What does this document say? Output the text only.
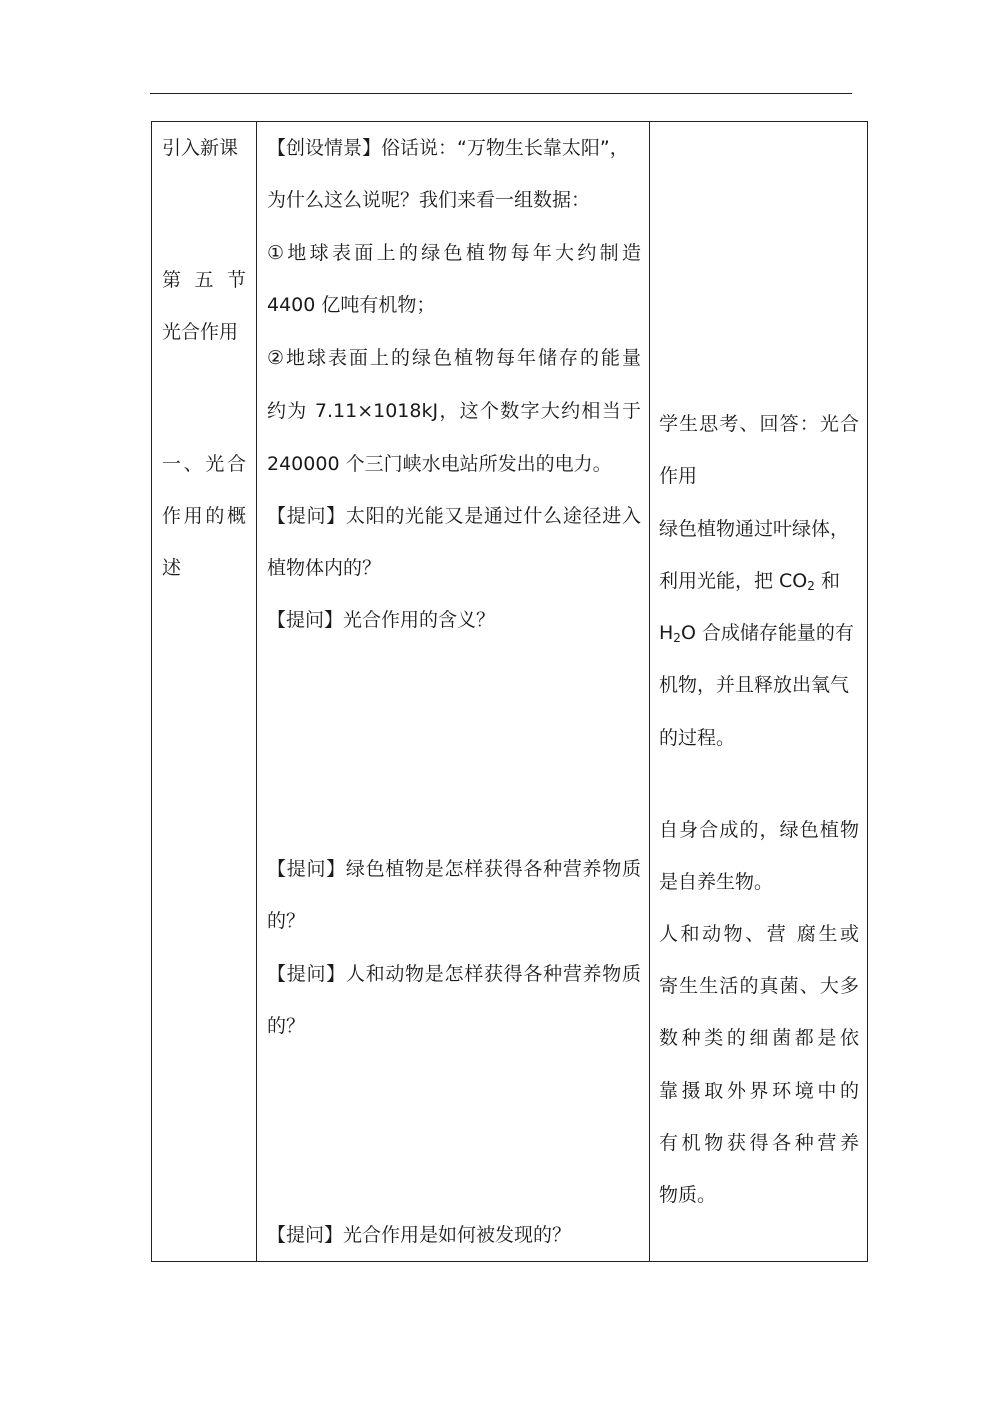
引入新课
第 五 节
光合作用
一、光合
作用的概
述
【创设情景】俗话说：“万物生长靠太阳”，
为什么这么说呢？我们来看一组数据：
①地球表面上的绿色植物每年大约制造
4400 亿吨有机物；
②地球表面上的绿色植物每年储存的能量
约为 7.11×1018kJ，这个数字大约相当于
240000 个三门峡水电站所发出的电力。
【提问】太阳的光能又是通过什么途径进入
植物体内的？
【提问】光合作用的含义？
【提问】绿色植物是怎样获得各种营养物质
的？
【提问】人和动物是怎样获得各种营养物质
的？
【提问】光合作用是如何被发现的？
学生思考、回答：光合
作用
绿色植物通过叶绿体，
利用光能，把 $CO_2$ 和
$H_2O$ 合成储存能量的有
机物，并且释放出氧气
的过程。
自身合成的，绿色植物
是自养生物。
人和动物、营 腐生或
寄生生活的真菌、大多
数种类的细菌都是依
靠摄取外界环境中的
有机物获得各种营养
物质。
